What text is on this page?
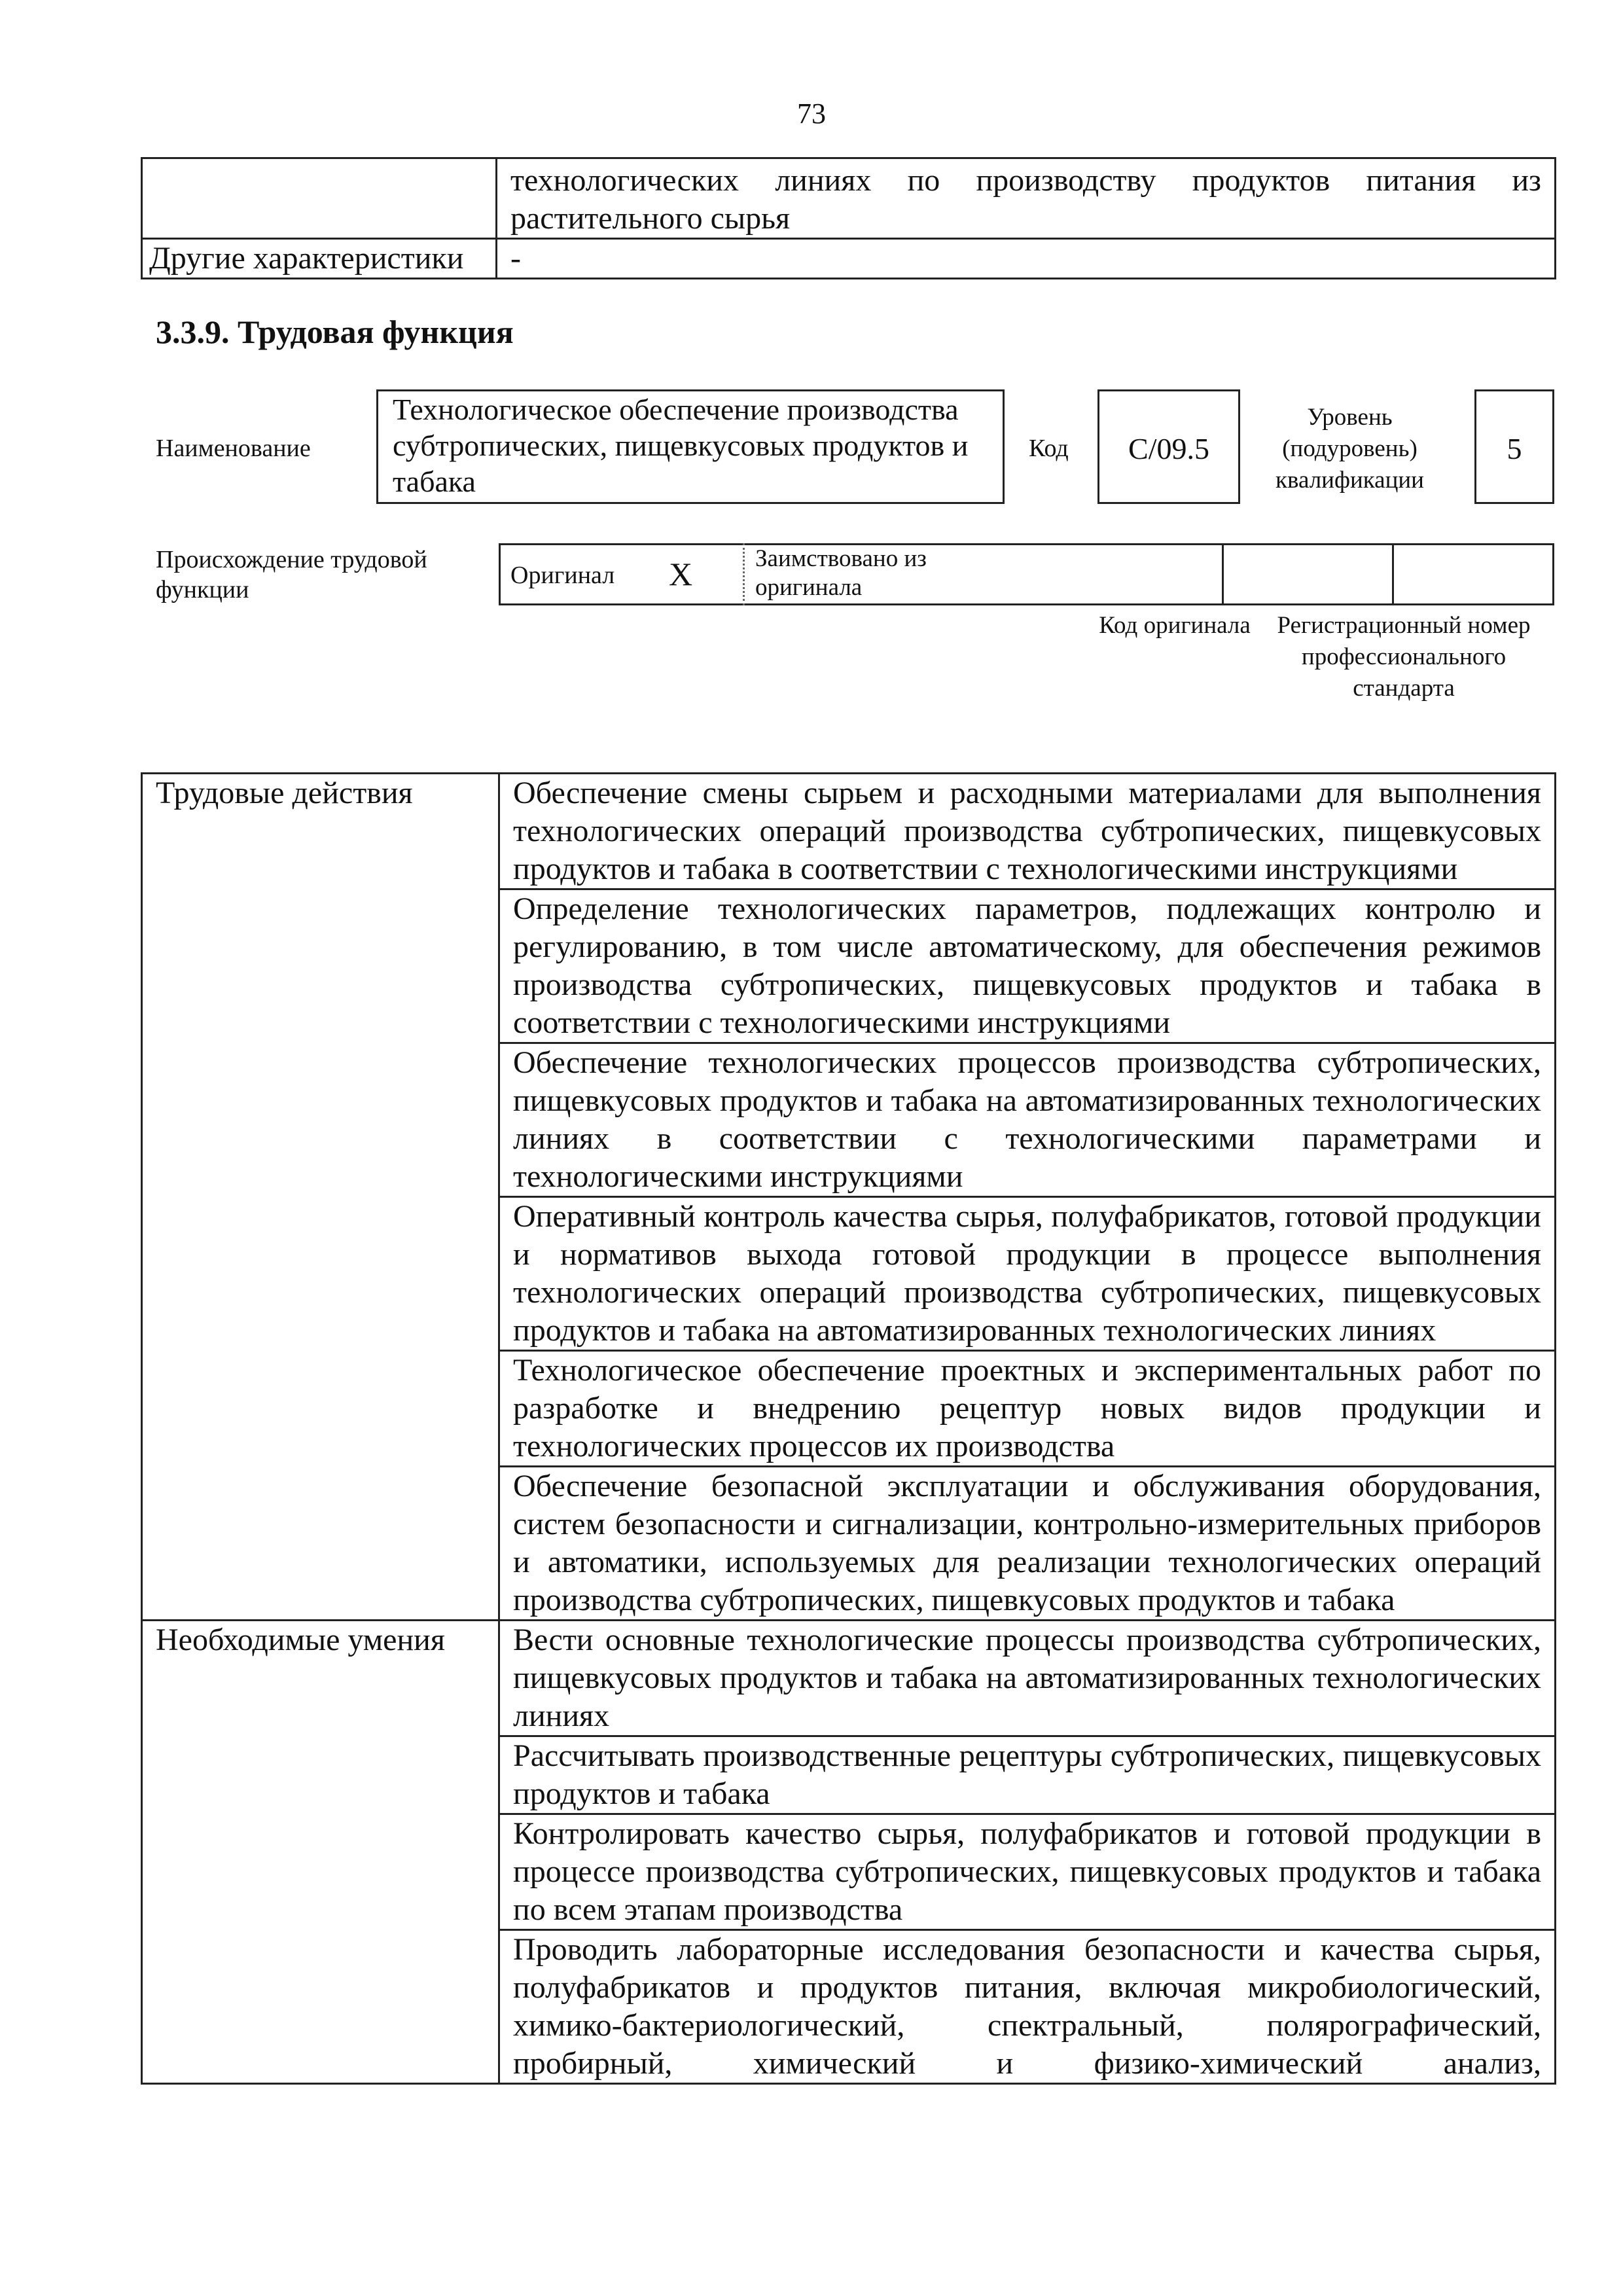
73
	технологических линиях по производству продуктов питания из растительного сырья
Другие характеристики	-
3.3.9. Трудовая функция
Наименование
Технологическое обеспечение производства субтропических, пищевкусовых продуктов и табака
Код	C/09.5
Уровень (подуровень) квалификации
5
Происхождение трудовой функции
Оригинал X	Заимствовано из оригинала
Код оригинала	Регистрационный номер профессионального стандарта
Трудовые действия	Обеспечение смены сырьем и расходными материалами для выполнения технологических операций производства субтропических, пищевкусовых продуктов и табака в соответствии с технологическими инструкциями
	Определение технологических параметров, подлежащих контролю и регулированию, в том числе автоматическому, для обеспечения режимов производства субтропических, пищевкусовых продуктов и табака в соответствии с технологическими инструкциями
	Обеспечение технологических процессов производства субтропических, пищевкусовых продуктов и табака на автоматизированных технологических линиях в соответствии с технологическими параметрами и технологическими инструкциями
	Оперативный контроль качества сырья, полуфабрикатов, готовой продукции и нормативов выхода готовой продукции в процессе выполнения технологических операций производства субтропических, пищевкусовых продуктов и табака на автоматизированных технологических линиях
	Технологическое обеспечение проектных и экспериментальных работ по разработке и внедрению рецептур новых видов продукции и технологических процессов их производства
	Обеспечение безопасной эксплуатации и обслуживания оборудования, систем безопасности и сигнализации, контрольно-измерительных приборов и автоматики, используемых для реализации технологических операций производства субтропических, пищевкусовых продуктов и табака
Необходимые умения	Вести основные технологические процессы производства субтропических, пищевкусовых продуктов и табака на автоматизированных технологических линиях
	Рассчитывать производственные рецептуры субтропических, пищевкусовых продуктов и табака
	Контролировать качество сырья, полуфабрикатов и готовой продукции в процессе производства субтропических, пищевкусовых продуктов и табака по всем этапам производства
	Проводить лабораторные исследования безопасности и качества сырья, полуфабрикатов и продуктов питания, включая микробиологический, химико-бактериологический, спектральный, полярографический, пробирный, химический и физико-химический анализ,
